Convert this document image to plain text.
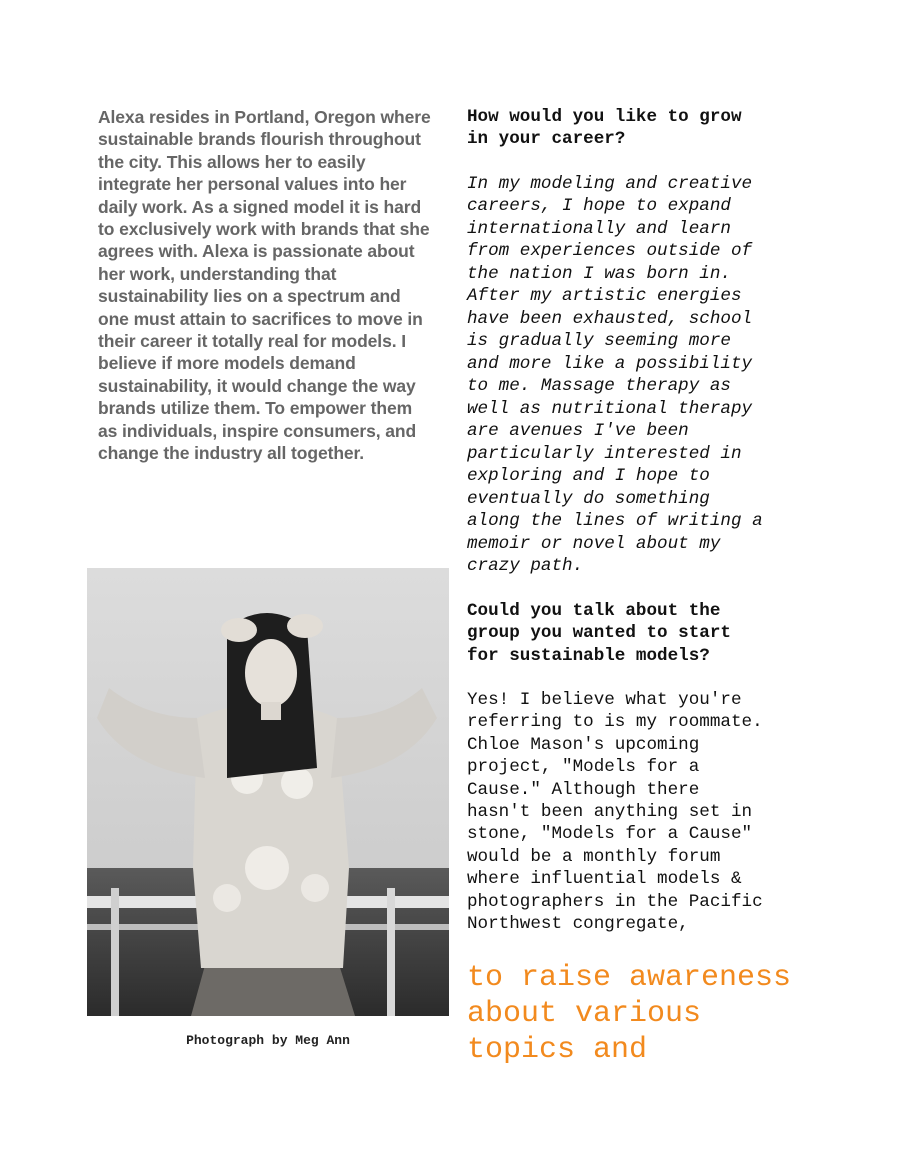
Alexa resides in Portland, Oregon where sustainable brands flourish throughout the city. This allows her to easily integrate her personal values into her daily work. As a signed model it is hard to exclusively work with brands that she agrees with. Alexa is passionate about her work, understanding that sustainability lies on a spectrum and one must attain to sacrifices to move in their career it totally real for models. I believe if more models demand sustainability, it would change the way brands utilize them. To empower them as individuals, inspire consumers, and change the industry all together.

Photograph by Meg Ann

How would you like to grow
in your career?

In my modeling and creative
careers, I hope to expand
internationally and learn
from experiences outside of
the nation I was born in.
After my artistic energies
have been exhausted, school
is gradually seeming more
and more like a possibility
to me. Massage therapy as
well as nutritional therapy
are avenues I've been
particularly interested in
exploring and I hope to
eventually do something
along the lines of writing a
memoir or novel about my
crazy path.

Could you talk about the
group you wanted to start
for sustainable models?

Yes! I believe what you're
referring to is my roommate.
Chloe Mason's upcoming
project, "Models for a
Cause." Although there
hasn't been anything set in
stone, "Models for a Cause"
would be a monthly forum
where influential models &
photographers in the Pacific
Northwest congregate,

to raise awareness
about various
topics and
